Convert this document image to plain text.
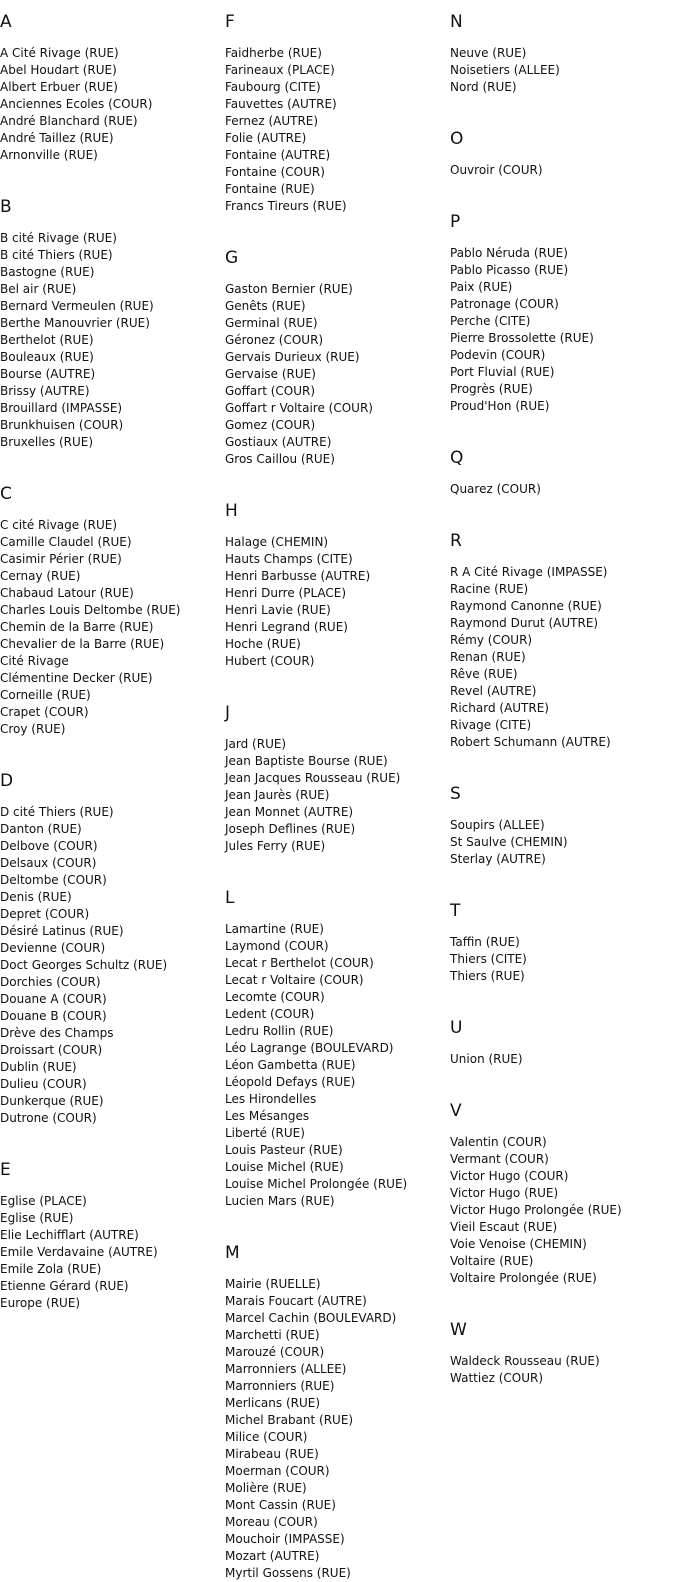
A
A Cité Rivage (RUE)
Abel Houdart (RUE)
Albert Erbuer (RUE)
Anciennes Ecoles (COUR)
André Blanchard (RUE)
André Taillez (RUE)
Arnonville (RUE)
B
B cité Rivage (RUE)
B cité Thiers (RUE)
Bastogne (RUE)
Bel air (RUE)
Bernard Vermeulen (RUE)
Berthe Manouvrier (RUE)
Berthelot (RUE)
Bouleaux (RUE)
Bourse (AUTRE)
Brissy (AUTRE)
Brouillard (IMPASSE)
Brunkhuisen (COUR)
Bruxelles (RUE)
C
C cité Rivage (RUE)
Camille Claudel (RUE)
Casimir Périer (RUE)
Cernay (RUE)
Chabaud Latour (RUE)
Charles Louis Deltombe (RUE)
Chemin de la Barre (RUE)
Chevalier de la Barre (RUE)
Cité Rivage
Clémentine Decker (RUE)
Corneille (RUE)
Crapet (COUR)
Croy (RUE)
D
D cité Thiers (RUE)
Danton (RUE)
Delbove (COUR)
Delsaux (COUR)
Deltombe (COUR)
Denis (RUE)
Depret (COUR)
Désiré Latinus (RUE)
Devienne (COUR)
Doct Georges Schultz (RUE)
Dorchies (COUR)
Douane A (COUR)
Douane B (COUR)
Drève des Champs
Droissart (COUR)
Dublin (RUE)
Dulieu (COUR)
Dunkerque (RUE)
Dutrone (COUR)
E
Eglise (PLACE)
Eglise (RUE)
Elie Lechifflart (AUTRE)
Emile Verdavaine (AUTRE)
Emile Zola (RUE)
Etienne Gérard (RUE)
Europe (RUE)
F
Faidherbe (RUE)
Farineaux (PLACE)
Faubourg (CITE)
Fauvettes (AUTRE)
Fernez (AUTRE)
Folie (AUTRE)
Fontaine (AUTRE)
Fontaine (COUR)
Fontaine (RUE)
Francs Tireurs (RUE)
G
Gaston Bernier (RUE)
Genêts (RUE)
Germinal (RUE)
Géronez (COUR)
Gervais Durieux (RUE)
Gervaise (RUE)
Goffart (COUR)
Goffart r Voltaire (COUR)
Gomez (COUR)
Gostiaux (AUTRE)
Gros Caillou (RUE)
H
Halage (CHEMIN)
Hauts Champs (CITE)
Henri Barbusse (AUTRE)
Henri Durre (PLACE)
Henri Lavie (RUE)
Henri Legrand (RUE)
Hoche (RUE)
Hubert (COUR)
J
Jard (RUE)
Jean Baptiste Bourse (RUE)
Jean Jacques Rousseau (RUE)
Jean Jaurès (RUE)
Jean Monnet (AUTRE)
Joseph Deflines (RUE)
Jules Ferry (RUE)
L
Lamartine (RUE)
Laymond (COUR)
Lecat r Berthelot (COUR)
Lecat r Voltaire (COUR)
Lecomte (COUR)
Ledent (COUR)
Ledru Rollin (RUE)
Léo Lagrange (BOULEVARD)
Léon Gambetta (RUE)
Léopold Defays (RUE)
Les Hirondelles
Les Mésanges
Liberté (RUE)
Louis Pasteur (RUE)
Louise Michel (RUE)
Louise Michel Prolongée (RUE)
Lucien Mars (RUE)
M
Mairie (RUELLE)
Marais Foucart (AUTRE)
Marcel Cachin (BOULEVARD)
Marchetti (RUE)
Marouzé (COUR)
Marronniers (ALLEE)
Marronniers (RUE)
Merlicans (RUE)
Michel Brabant (RUE)
Milice (COUR)
Mirabeau (RUE)
Moerman (COUR)
Molière (RUE)
Mont Cassin (RUE)
Moreau (COUR)
Mouchoir (IMPASSE)
Mozart (AUTRE)
Myrtil Gossens (RUE)
N
Neuve (RUE)
Noisetiers (ALLEE)
Nord (RUE)
O
Ouvroir (COUR)
P
Pablo Néruda (RUE)
Pablo Picasso (RUE)
Paix (RUE)
Patronage (COUR)
Perche (CITE)
Pierre Brossolette (RUE)
Podevin (COUR)
Port Fluvial (RUE)
Progrès (RUE)
Proud'Hon (RUE)
Q
Quarez (COUR)
R
R A Cité Rivage (IMPASSE)
Racine (RUE)
Raymond Canonne (RUE)
Raymond Durut (AUTRE)
Rémy (COUR)
Renan (RUE)
Rêve (RUE)
Revel (AUTRE)
Richard (AUTRE)
Rivage (CITE)
Robert Schumann (AUTRE)
S
Soupirs (ALLEE)
St Saulve (CHEMIN)
Sterlay (AUTRE)
T
Taffin (RUE)
Thiers (CITE)
Thiers (RUE)
U
Union (RUE)
V
Valentin (COUR)
Vermant (COUR)
Victor Hugo (COUR)
Victor Hugo (RUE)
Victor Hugo Prolongée (RUE)
Vieil Escaut (RUE)
Voie Venoise (CHEMIN)
Voltaire (RUE)
Voltaire Prolongée (RUE)
W
Waldeck Rousseau (RUE)
Wattiez (COUR)
